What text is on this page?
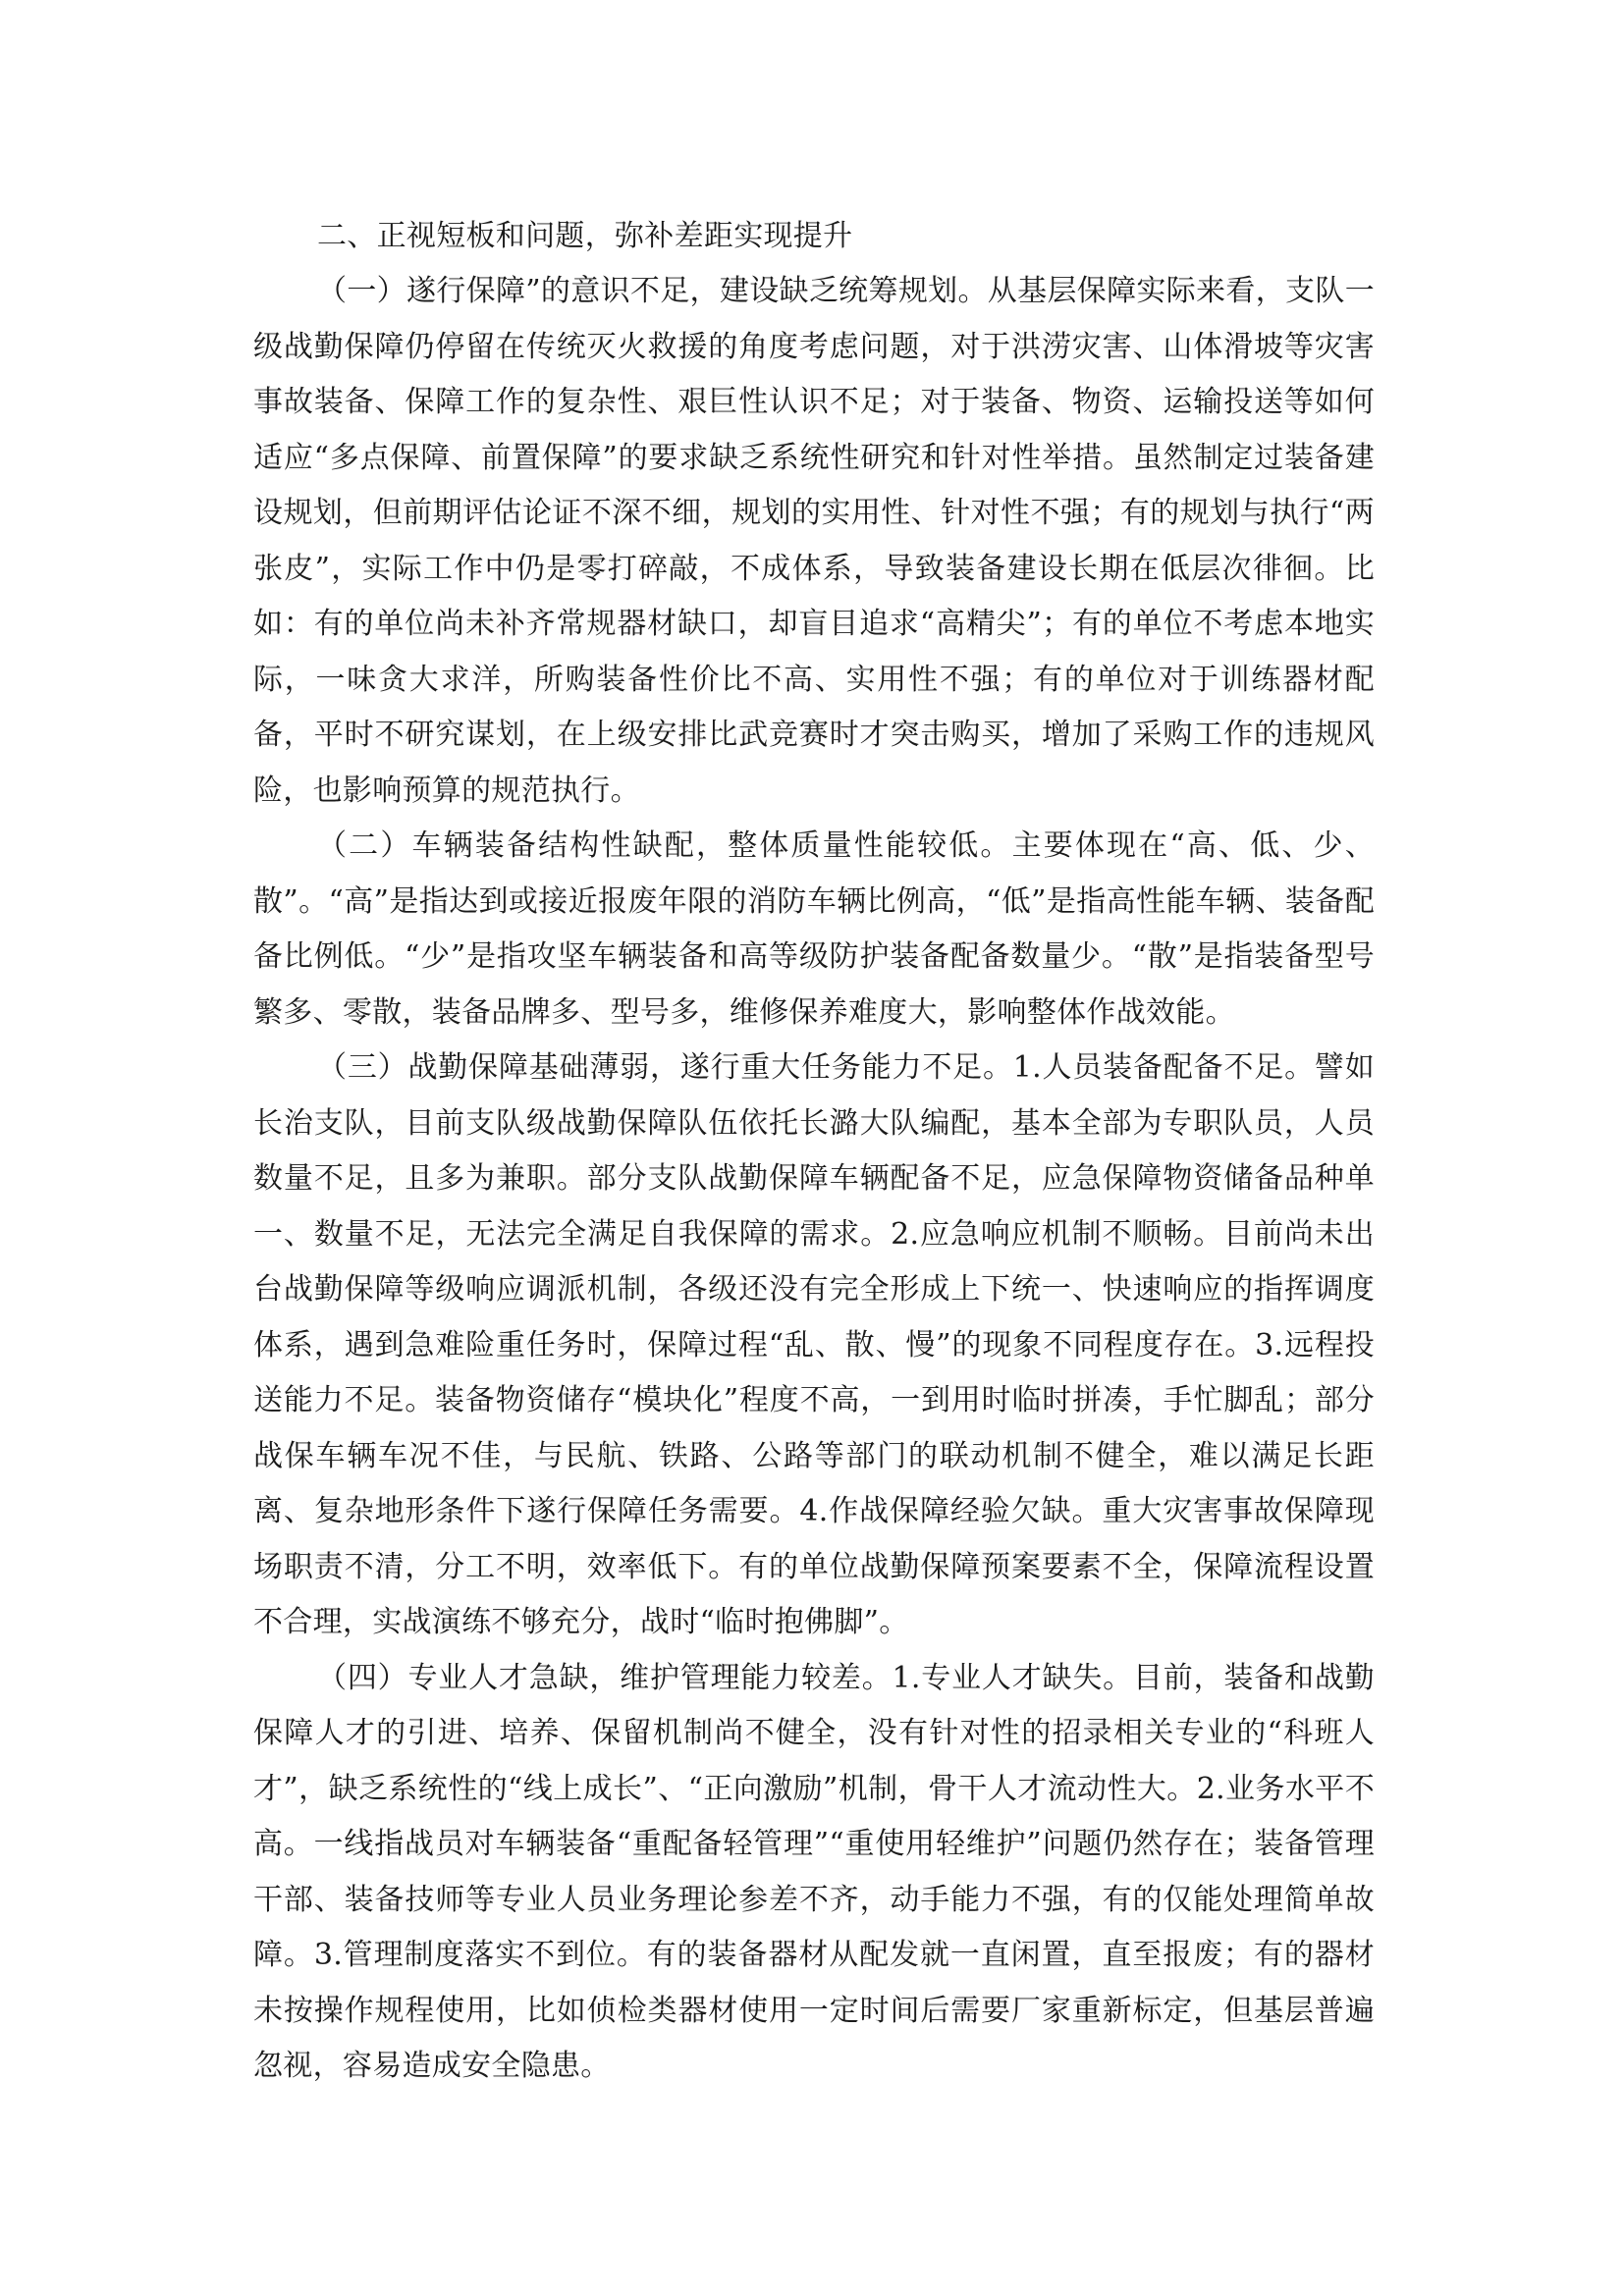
二、正视短板和问题，弥补差距实现提升

（一）遂行保障”的意识不足，建设缺乏统筹规划。从基层保障实际来看，支队一级战勤保障仍停留在传统灭火救援的角度考虑问题，对于洪涝灾害、山体滑坡等灾害事故装备、保障工作的复杂性、艰巨性认识不足；对于装备、物资、运输投送等如何适应“多点保障、前置保障”的要求缺乏系统性研究和针对性举措。虽然制定过装备建设规划，但前期评估论证不深不细，规划的实用性、针对性不强；有的规划与执行“两张皮”，实际工作中仍是零打碎敲，不成体系，导致装备建设长期在低层次徘徊。比如：有的单位尚未补齐常规器材缺口，却盲目追求“高精尖”；有的单位不考虑本地实际，一味贪大求洋，所购装备性价比不高、实用性不强；有的单位对于训练器材配备，平时不研究谋划，在上级安排比武竞赛时才突击购买，增加了采购工作的违规风险，也影响预算的规范执行。

（二）车辆装备结构性缺配，整体质量性能较低。主要体现在“高、低、少、散”。“高”是指达到或接近报废年限的消防车辆比例高，“低”是指高性能车辆、装备配备比例低。“少”是指攻坚车辆装备和高等级防护装备配备数量少。“散”是指装备型号繁多、零散，装备品牌多、型号多，维修保养难度大，影响整体作战效能。

（三）战勤保障基础薄弱，遂行重大任务能力不足。1.人员装备配备不足。譬如长治支队，目前支队级战勤保障队伍依托长潞大队编配，基本全部为专职队员，人员数量不足，且多为兼职。部分支队战勤保障车辆配备不足，应急保障物资储备品种单一、数量不足，无法完全满足自我保障的需求。2.应急响应机制不顺畅。目前尚未出台战勤保障等级响应调派机制，各级还没有完全形成上下统一、快速响应的指挥调度体系，遇到急难险重任务时，保障过程“乱、散、慢”的现象不同程度存在。3.远程投送能力不足。装备物资储存“模块化”程度不高，一到用时临时拼凑，手忙脚乱；部分战保车辆车况不佳，与民航、铁路、公路等部门的联动机制不健全，难以满足长距离、复杂地形条件下遂行保障任务需要。4.作战保障经验欠缺。重大灾害事故保障现场职责不清，分工不明，效率低下。有的单位战勤保障预案要素不全，保障流程设置不合理，实战演练不够充分，战时“临时抱佛脚”。

（四）专业人才急缺，维护管理能力较差。1.专业人才缺失。目前，装备和战勤保障人才的引进、培养、保留机制尚不健全，没有针对性的招录相关专业的“科班人才”，缺乏系统性的“线上成长”、“正向激励”机制，骨干人才流动性大。2.业务水平不高。一线指战员对车辆装备“重配备轻管理”“重使用轻维护”问题仍然存在；装备管理干部、装备技师等专业人员业务理论参差不齐，动手能力不强，有的仅能处理简单故障。3.管理制度落实不到位。有的装备器材从配发就一直闲置，直至报废；有的器材未按操作规程使用，比如侦检类器材使用一定时间后需要厂家重新标定，但基层普遍忽视，容易造成安全隐患。
